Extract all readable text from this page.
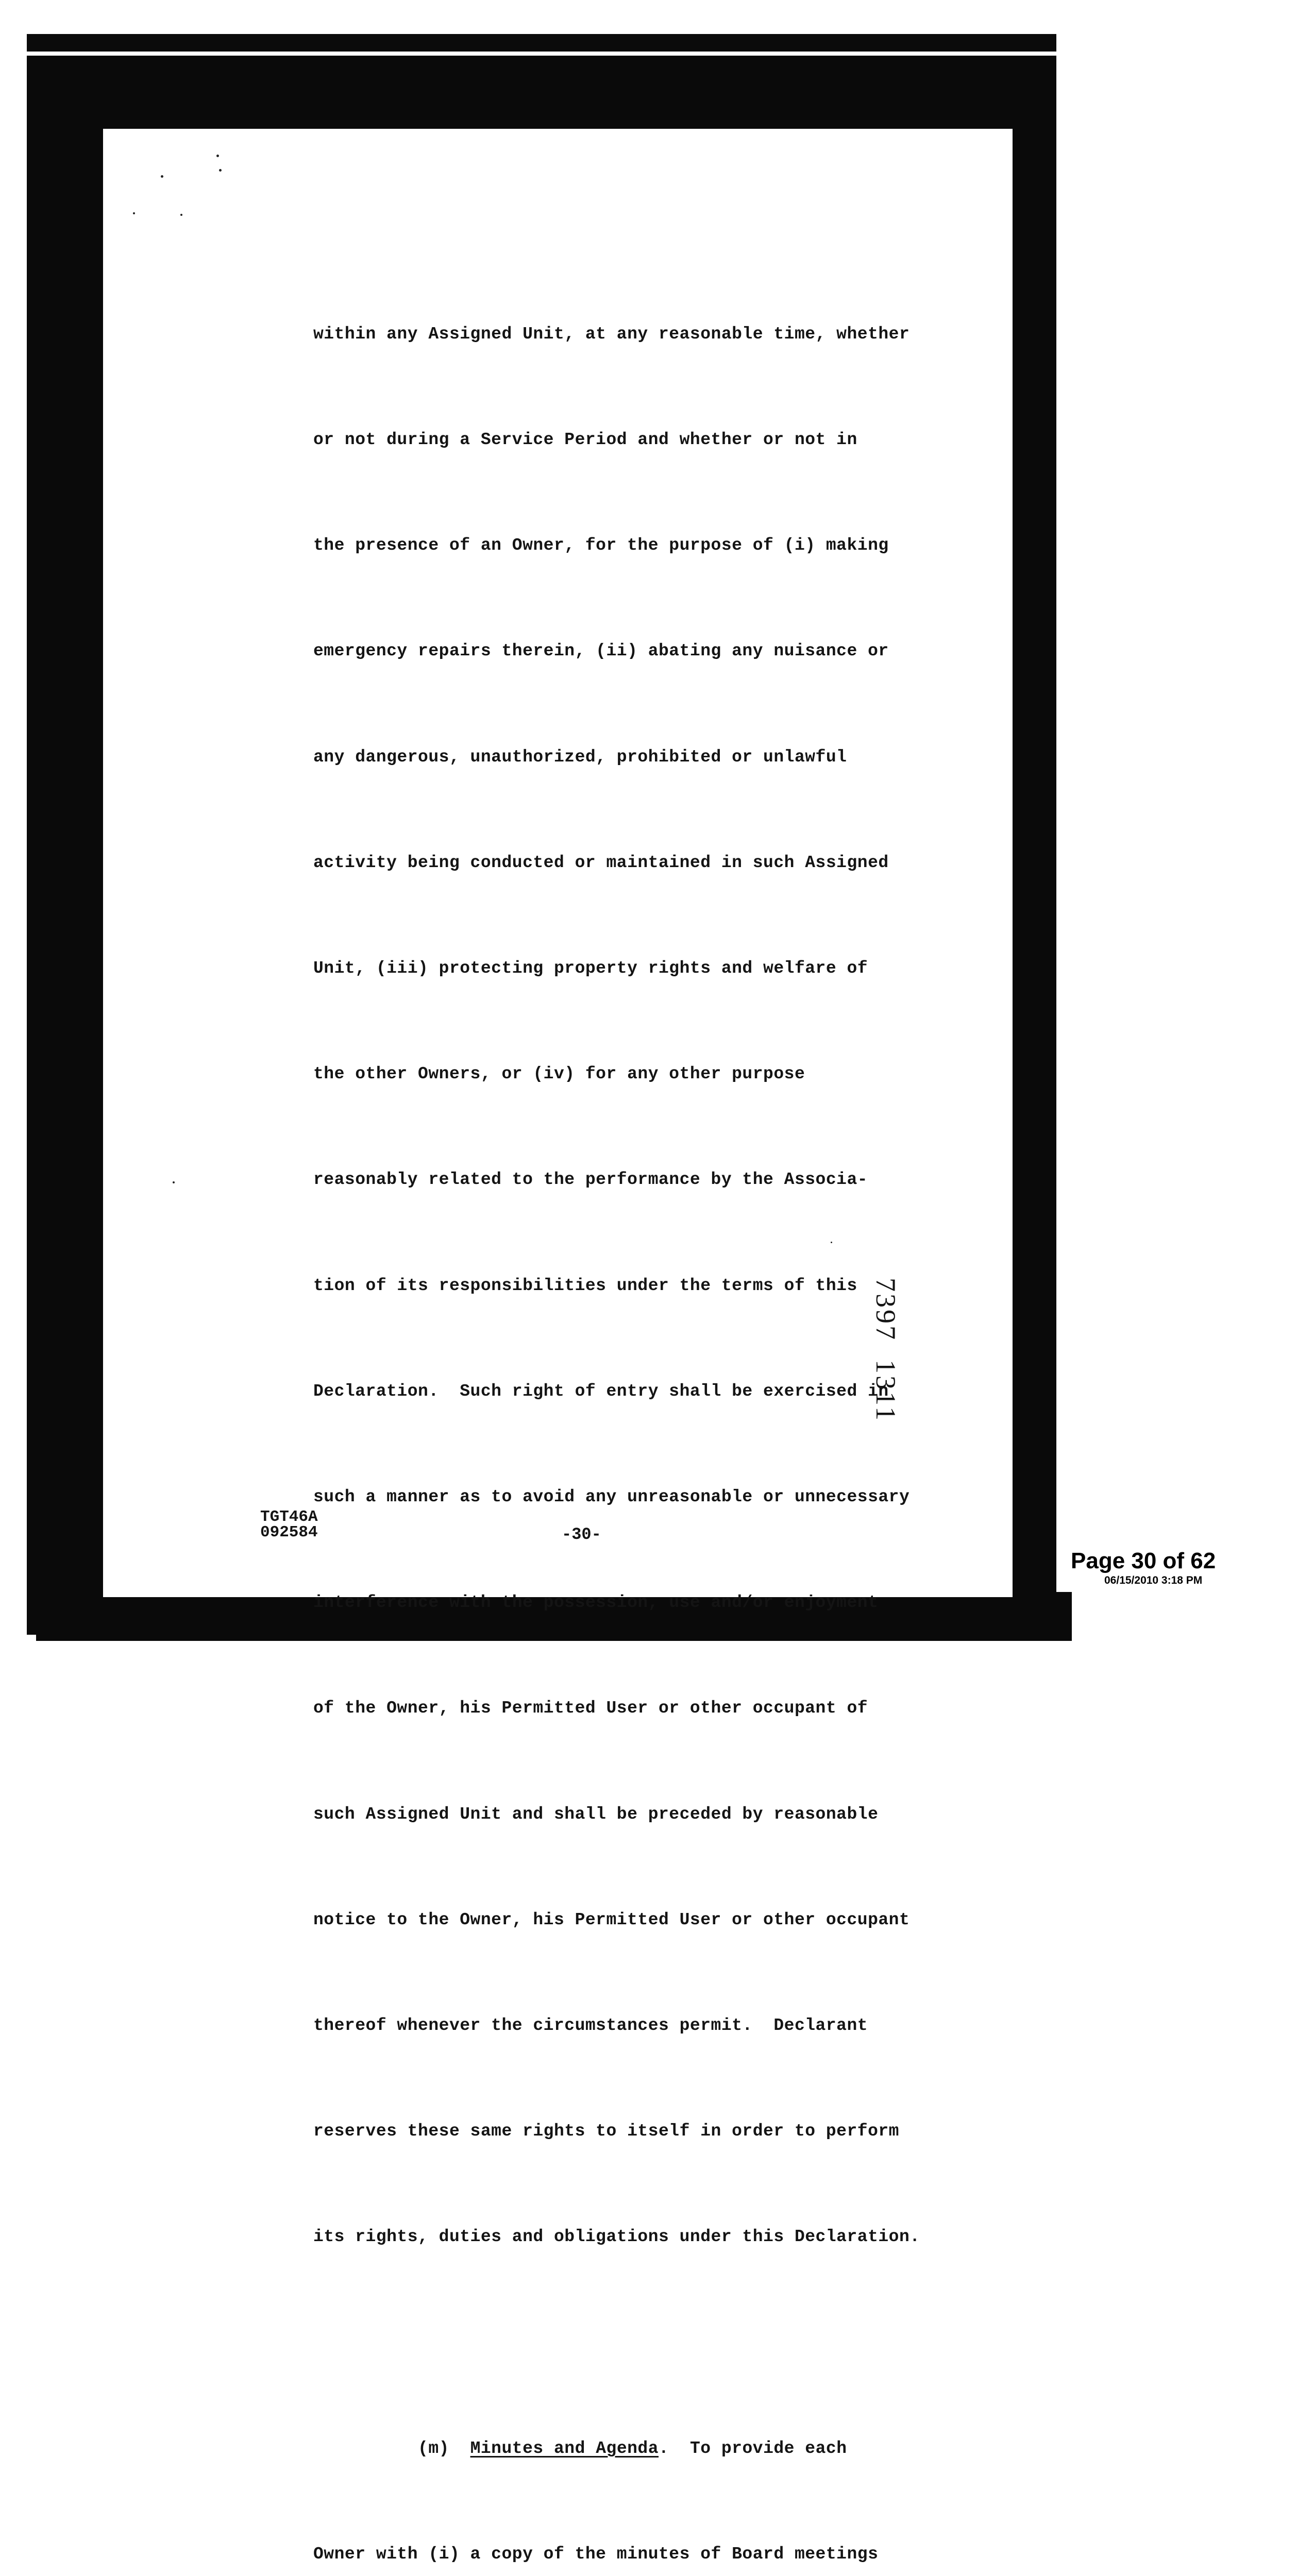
within any Assigned Unit, at any reasonable time, whether

or not during a Service Period and whether or not in

the presence of an Owner, for the purpose of (i) making

emergency repairs therein, (ii) abating any nuisance or

any dangerous, unauthorized, prohibited or unlawful

activity being conducted or maintained in such Assigned

Unit, (iii) protecting property rights and welfare of

the other Owners, or (iv) for any other purpose

reasonably related to the performance by the Associa-

tion of its responsibilities under the terms of this

Declaration.  Such right of entry shall be exercised in

such a manner as to avoid any unreasonable or unnecessary

interference with the possession, use and/or enjoyment

of the Owner, his Permitted User or other occupant of

such Assigned Unit and shall be preceded by reasonable

notice to the Owner, his Permitted User or other occupant

thereof whenever the circumstances permit.  Declarant

reserves these same rights to itself in order to perform

its rights, duties and obligations under this Declaration.

(m) Minutes and Agenda.  To provide each

Owner with (i) a copy of the minutes of Board meetings

7397  1311
TGT46A
092584	-30-
Page 30 of 62
06/15/2010 3:18 PM
